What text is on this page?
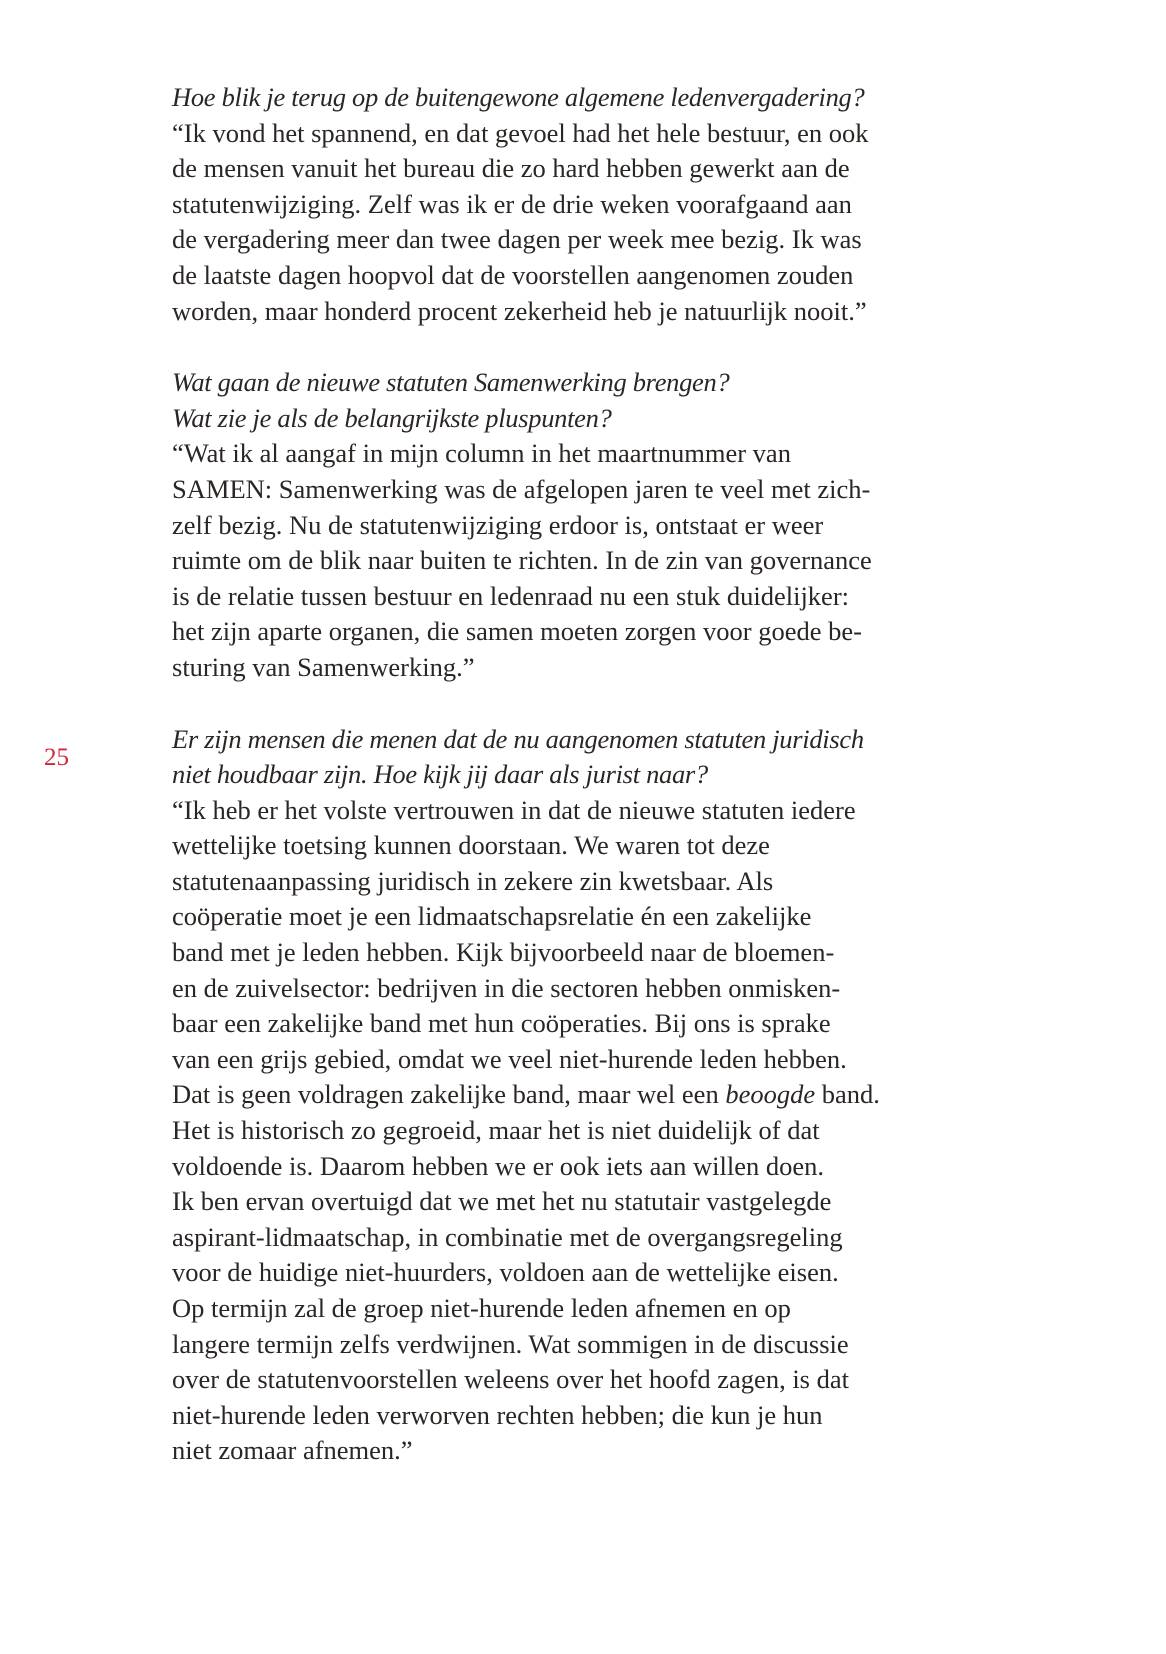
25
Hoe blik je terug op de buitengewone algemene ledenvergadering?
“Ik vond het spannend, en dat gevoel had het hele bestuur, en ook
de mensen vanuit het bureau die zo hard hebben gewerkt aan de
statutenwijziging. Zelf was ik er de drie weken voorafgaand aan
de vergadering meer dan twee dagen per week mee bezig. Ik was
de laatste dagen hoopvol dat de voorstellen aangenomen zouden
worden, maar honderd procent zekerheid heb je natuurlijk nooit.”
Wat gaan de nieuwe statuten Samenwerking brengen?
Wat zie je als de belangrijkste pluspunten?
“Wat ik al aangaf in mijn column in het maartnummer van
SAMEN: Samenwerking was de afgelopen jaren te veel met zich-
zelf bezig. Nu de statutenwijziging erdoor is, ontstaat er weer
ruimte om de blik naar buiten te richten. In de zin van governance
is de relatie tussen bestuur en ledenraad nu een stuk duidelijker:
het zijn aparte organen, die samen moeten zorgen voor goede be-
sturing van Samenwerking.”
Er zijn mensen die menen dat de nu aangenomen statuten juridisch
niet houdbaar zijn. Hoe kijk jij daar als jurist naar?
“Ik heb er het volste vertrouwen in dat de nieuwe statuten iedere
wettelijke toetsing kunnen doorstaan. We waren tot deze
statutenaanpassing juridisch in zekere zin kwetsbaar. Als
coöperatie moet je een lidmaatschapsrelatie én een zakelijke
band met je leden hebben. Kijk bijvoorbeeld naar de bloemen-
en de zuivelsector: bedrijven in die sectoren hebben onmisken-
baar een zakelijke band met hun coöperaties. Bij ons is sprake
van een grijs gebied, omdat we veel niet-hurende leden hebben.
Dat is geen voldragen zakelijke band, maar wel een beoogde band.
Het is historisch zo gegroeid, maar het is niet duidelijk of dat
voldoende is. Daarom hebben we er ook iets aan willen doen.
Ik ben ervan overtuigd dat we met het nu statutair vastgelegde
aspirant-lidmaatschap, in combinatie met de overgangsregeling
voor de huidige niet-huurders, voldoen aan de wettelijke eisen.
Op termijn zal de groep niet-hurende leden afnemen en op
langere termijn zelfs verdwijnen. Wat sommigen in de discussie
over de statutenvoorstellen weleens over het hoofd zagen, is dat
niet-hurende leden verworven rechten hebben; die kun je hun
niet zomaar afnemen.”
